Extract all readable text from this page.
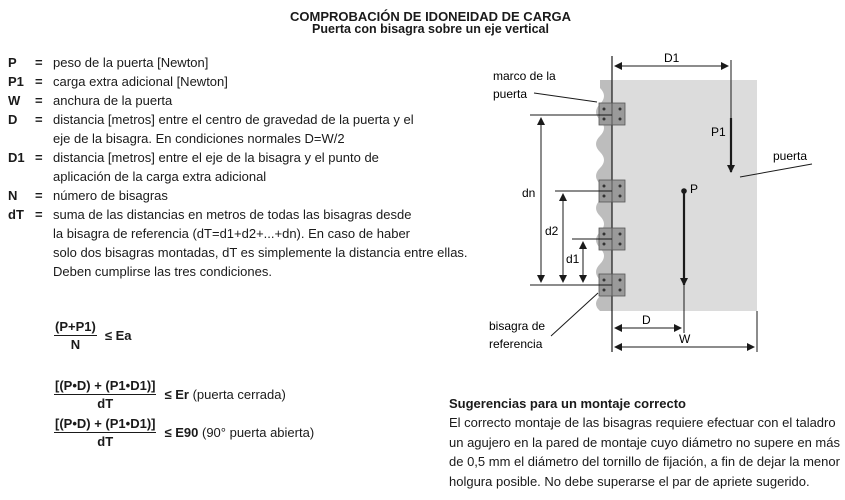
COMPROBACIÓN DE IDONEIDAD DE CARGA
Puerta con bisagra sobre un eje vertical
P = peso de la puerta [Newton]
P1 = carga extra adicional [Newton]
W = anchura de la puerta
D = distancia [metros] entre el centro de gravedad de la puerta y el
eje de la bisagra. En condiciones normales D=W/2
D1 = distancia [metros] entre el eje de la bisagra y el punto de
aplicación de la carga extra adicional
N = número de bisagras
dT = suma de las distancias en metros de todas las bisagras desde
la bisagra de referencia (dT=d1+d2+...+dn). En caso de haber
solo dos bisagras montadas, dT es simplemente la distancia entre ellas.
Deben cumplirse las tres condiciones.
$\frac{(P+P1)}{N} \le Ea$
$\frac{[(P•D) + (P1•D1)]}{dT} \le Er$ (puerta cerrada)
$\frac{[(P•D) + (P1•D1)]}{dT} \le E90$ (90° puerta abierta)
dn
d2
d1
D1
P1
P
D
W
marco de la
puerta
puerta
bisagra de
referencia
Sugerencias para un montaje correcto

El correcto montaje de las bisagras requiere efectuar con el taladro
un agujero en la pared de montaje cuyo diámetro no supere en más
de 0,5 mm el diámetro del tornillo de fijación, a fin de dejar la menor
holgura posible. No debe superarse el par de apriete sugerido.
